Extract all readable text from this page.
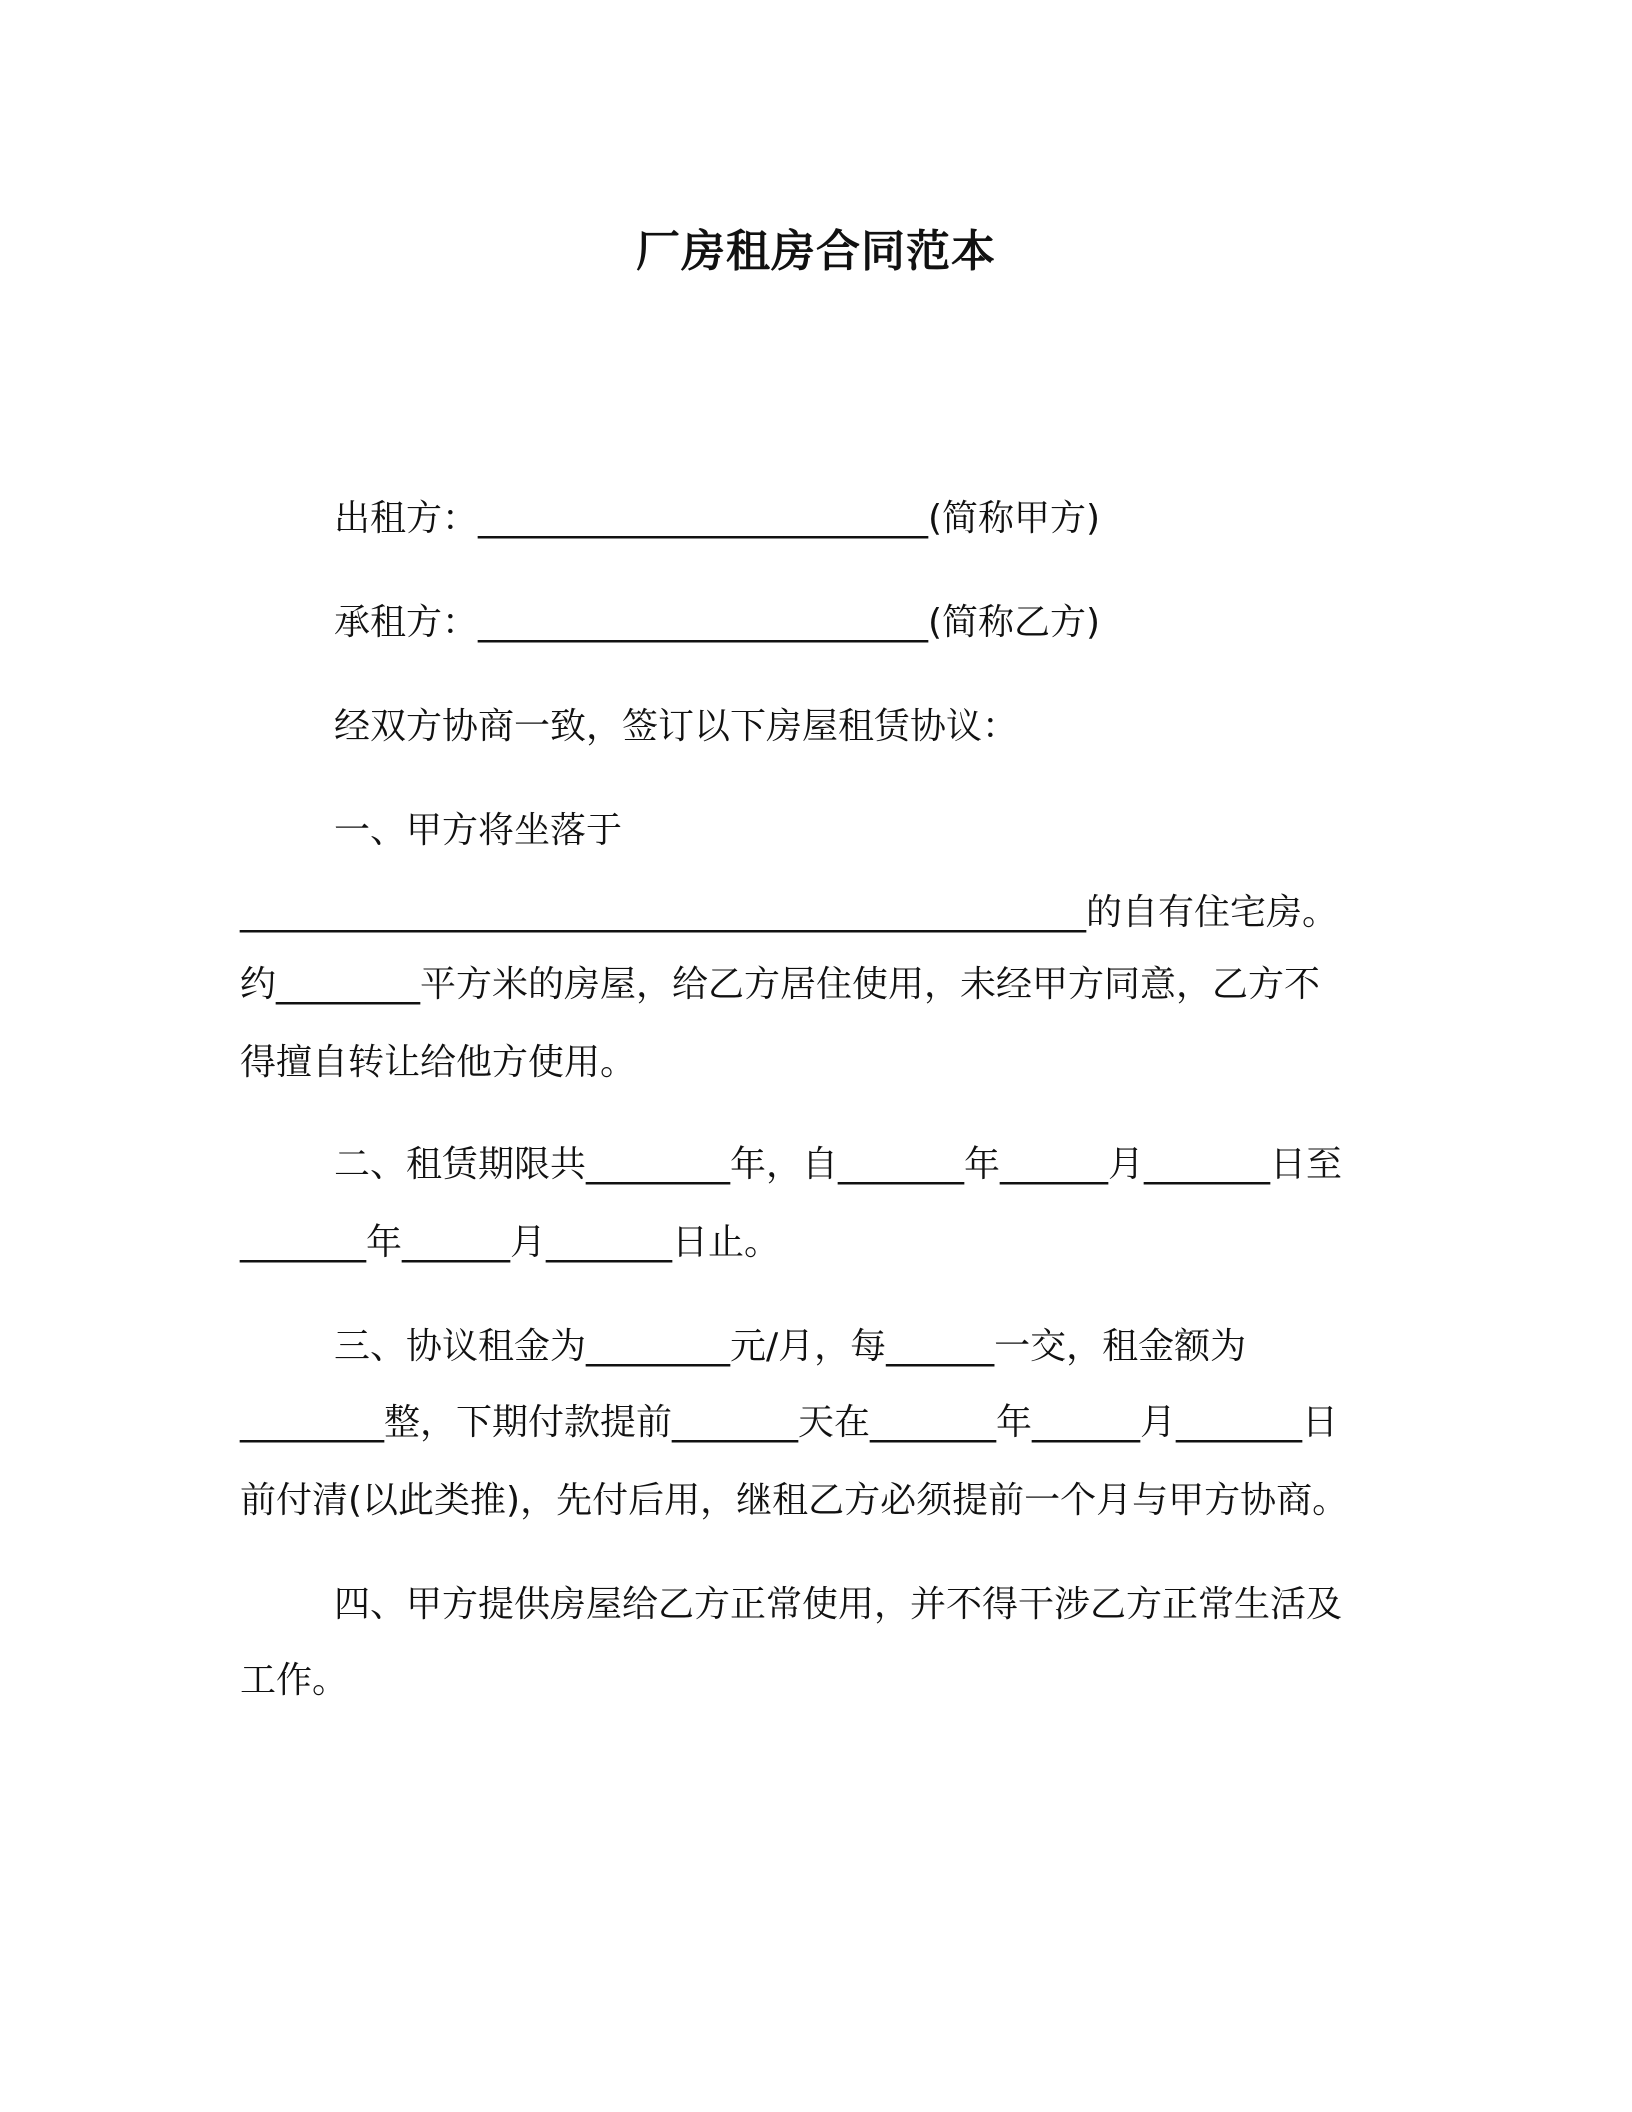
厂房租房合同范本
出租方：_________________________(简称甲方)
承租方：_________________________(简称乙方)
经双方协商一致，签订以下房屋租赁协议：
一、甲方将坐落于
_______________________________________________的自有住宅房。
约________平方米的房屋，给乙方居住使用，未经甲方同意，乙方不
得擅自转让给他方使用。
二、租赁期限共________年，自_______年______月_______日至
_______年______月_______日止。
三、协议租金为________元/月，每______一交，租金额为
________整，下期付款提前_______天在_______年______月_______日
前付清(以此类推)，先付后用，继租乙方必须提前一个月与甲方协商。
四、甲方提供房屋给乙方正常使用，并不得干涉乙方正常生活及
工作。
